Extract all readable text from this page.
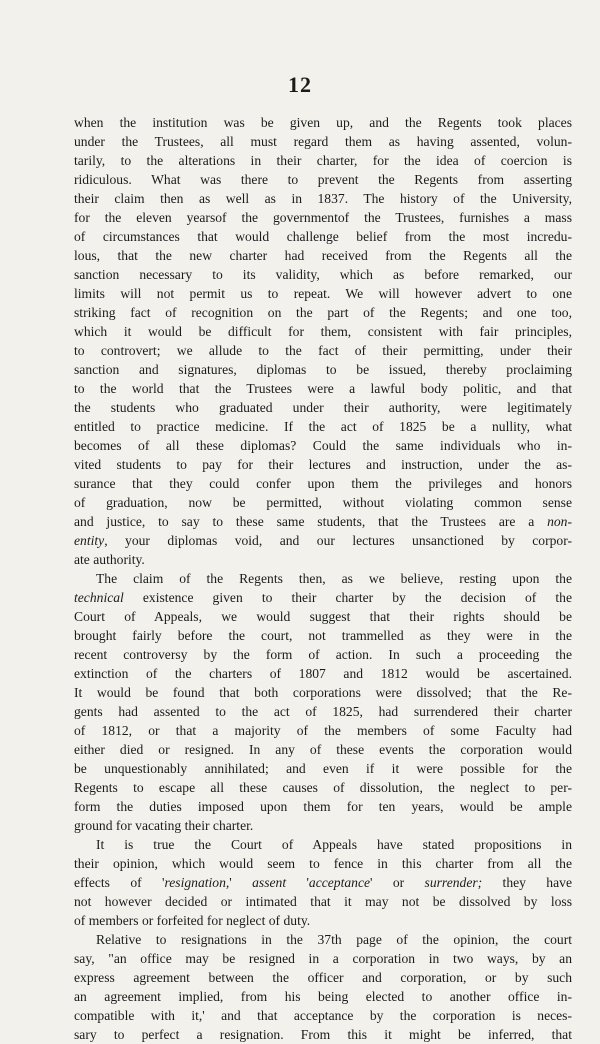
12
when the institution was be given up, and the Regents took places
under the Trustees, all must regard them as having assented, volun-
tarily, to the alterations in their charter, for the idea of coercion is
ridiculous. What was there to prevent the Regents from asserting
their claim then as well as in 1837. The history of the University,
for the eleven yearsof the governmentof the Trustees, furnishes a mass
of circumstances that would challenge belief from the most incredu-
lous, that the new charter had received from the Regents all the
sanction necessary to its validity, which as before remarked, our
limits will not permit us to repeat. We will however advert to one
striking fact of recognition on the part of the Regents; and one too,
which it would be difficult for them, consistent with fair principles,
to controvert; we allude to the fact of their permitting, under their
sanction and signatures, diplomas to be issued, thereby proclaiming
to the world that the Trustees were a lawful body politic, and that
the students who graduated under their authority, were legitimately
entitled to practice medicine. If the act of 1825 be a nullity, what
becomes of all these diplomas? Could the same individuals who in-
vited students to pay for their lectures and instruction, under the as-
surance that they could confer upon them the privileges and honors
of graduation, now be permitted, without violating common sense
and justice, to say to these same students, that the Trustees are a non-
entity, your diplomas void, and our lectures unsanctioned by corpor-
ate authority.
The claim of the Regents then, as we believe, resting upon the
technical existence given to their charter by the decision of the
Court of Appeals, we would suggest that their rights should be
brought fairly before the court, not trammelled as they were in the
recent controversy by the form of action. In such a proceeding the
extinction of the charters of 1807 and 1812 would be ascertained.
It would be found that both corporations were dissolved; that the Re-
gents had assented to the act of 1825, had surrendered their charter
of 1812, or that a majority of the members of some Faculty had
either died or resigned. In any of these events the corporation would
be unquestionably annihilated; and even if it were possible for the
Regents to escape all these causes of dissolution, the neglect to per-
form the duties imposed upon them for ten years, would be ample
ground for vacating their charter.
It is true the Court of Appeals have stated propositions in
their opinion, which would seem to fence in this charter from all the
effects of 'resignation,' assent 'acceptance' or surrender; they have
not however decided or intimated that it may not be dissolved by loss
of members or forfeited for neglect of duty.
Relative to resignations in the 37th page of the opinion, the court
say, "an office may be resigned in a corporation in two ways, by an
express agreement between the officer and corporation, or by such
an agreement implied, from his being elected to another office in-
compatible with it,' and that acceptance by the corporation is neces-
sary to perfect a resignation. From this it might be inferred, that
